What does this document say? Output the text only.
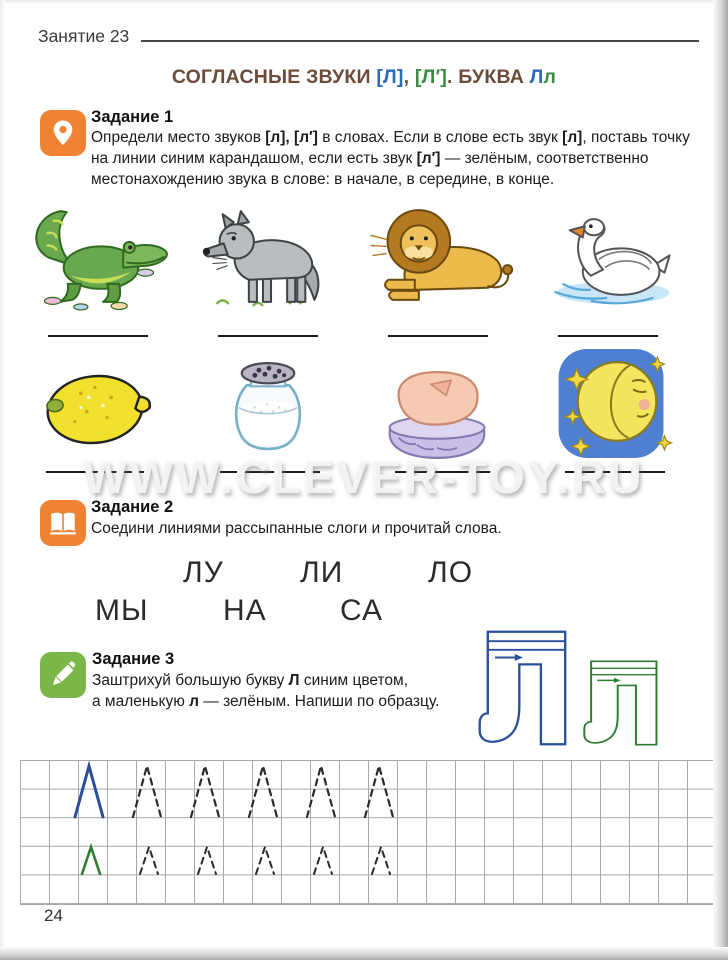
Занятие 23
СОГЛАСНЫЕ ЗВУКИ [Л], [Л′]. БУКВА Лл
Задание 1
Определи место звуков [л], [л′] в словах. Если в слове есть звук [л], поставь точку на линии синим карандашом, если есть звук [л′] — зелёным, соответственно местонахождению звука в слове: в начале, в середине, в конце.
WWW.CLEVER-TOY.RU
Задание 2
Соедини линиями рассыпанные слоги и прочитай слова.
ЛУ	ЛИ	ЛО
МЫ НА СА
Задание 3
Заштрихуй большую букву Л синим цветом,
а маленькую л — зелёным. Напиши по образцу.
24
